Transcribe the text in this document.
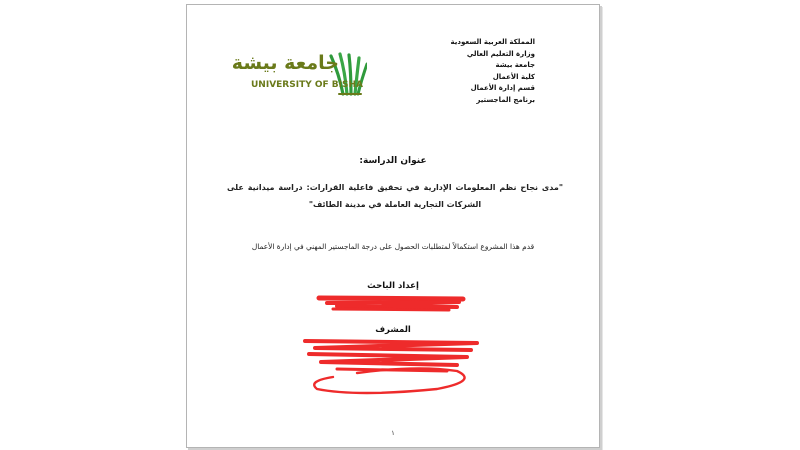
جامعة بيشة
UNIVERSITY OF BISHA
المملكة العربية السعودية
وزارة التعليم العالي
جامعة بيشة
كلية الأعمال
قسم إدارة الأعمال
برنامج الماجستير
عنوان الدراسة:
"مدى نجاح نظم المعلومات الإدارية في تحقيق فاعلية القرارات: دراسة ميدانية على الشركات التجارية العاملة في مدينة الطائف"
قدم هذا المشروع استكمالاً لمتطلبات الحصول على درجة الماجستير المهني في إدارة الأعمال
إعداد الباحث
المشرف
١
